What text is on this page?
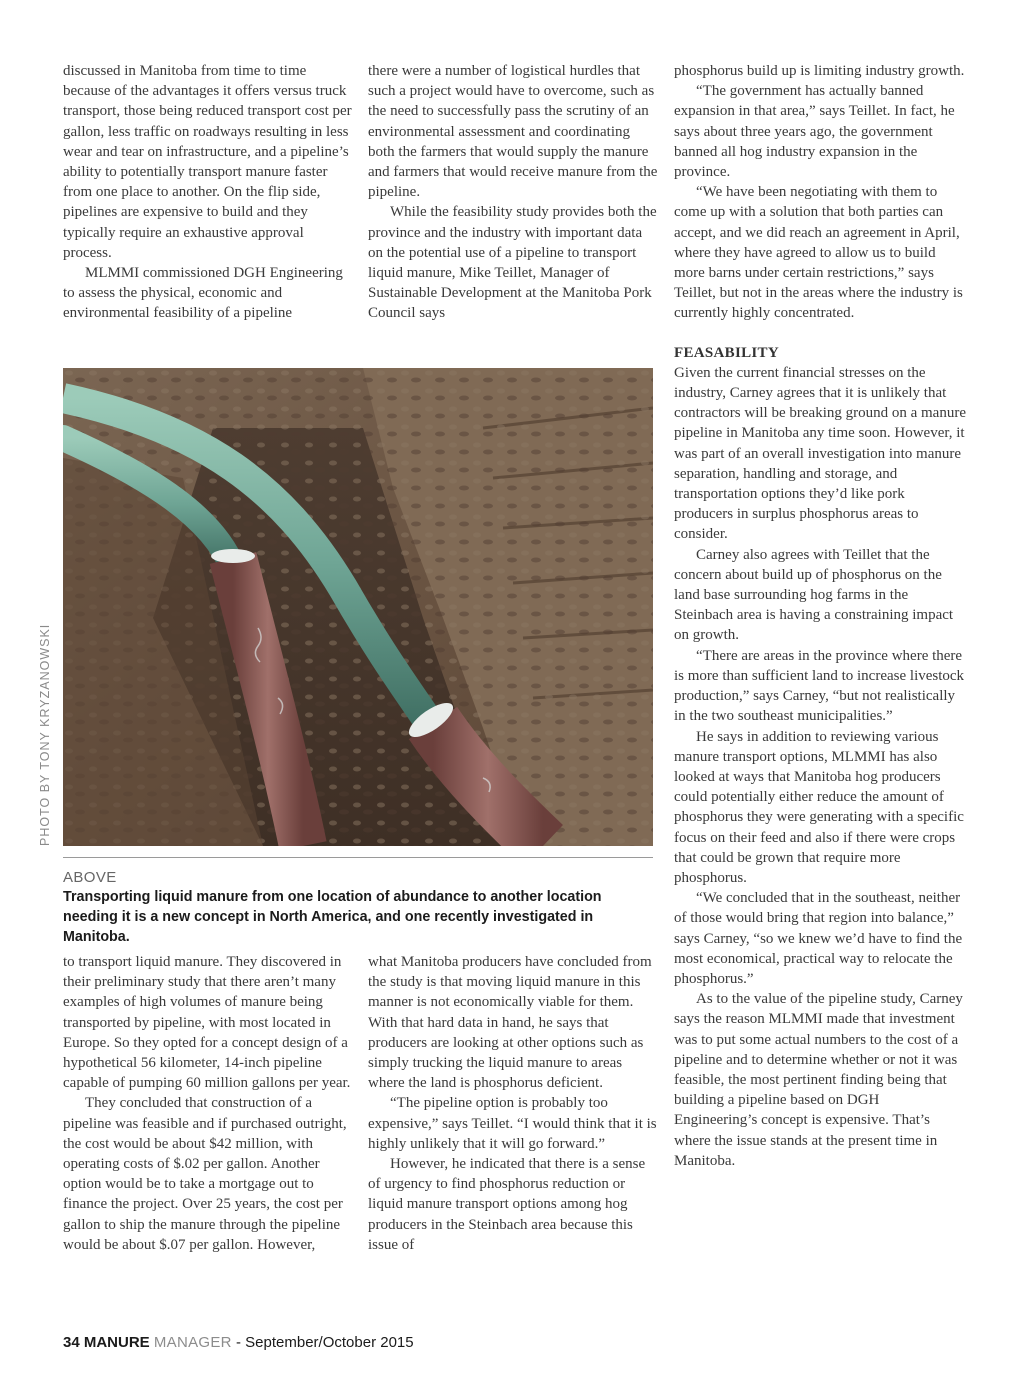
discussed in Manitoba from time to time because of the advantages it offers versus truck transport, those being reduced transport cost per gallon, less traffic on roadways resulting in less wear and tear on infrastructure, and a pipeline’s ability to potentially transport manure faster from one place to another. On the flip side, pipelines are expensive to build and they typically require an exhaustive approval process.

MLMMI commissioned DGH Engineering to assess the physical, economic and environmental feasibility of a pipeline

there were a number of logistical hurdles that such a project would have to overcome, such as the need to successfully pass the scrutiny of an environmental assessment and coordinating both the farmers that would supply the manure and farmers that would receive manure from the pipeline.

While the feasibility study provides both the province and the industry with important data on the potential use of a pipeline to transport liquid manure, Mike Teillet, Manager of Sustainable Development at the Manitoba Pork Council says

phosphorus build up is limiting industry growth.

“The government has actually banned expansion in that area,” says Teillet. In fact, he says about three years ago, the government banned all hog industry expansion in the province.

“We have been negotiating with them to come up with a solution that both parties can accept, and we did reach an agreement in April, where they have agreed to allow us to build more barns under certain restrictions,” says Teillet, but not in the areas where the industry is currently highly concentrated.

FEASABILITY

Given the current financial stresses on the industry, Carney agrees that it is unlikely that contractors will be breaking ground on a manure pipeline in Manitoba any time soon. However, it was part of an overall investigation into manure separation, handling and storage, and transportation options they’d like pork producers in surplus phosphorus areas to consider.

Carney also agrees with Teillet that the concern about build up of phosphorus on the land base surrounding hog farms in the Steinbach area is having a constraining impact on growth.

“There are areas in the province where there is more than sufficient land to increase livestock production,” says Carney, “but not realistically in the two southeast municipalities.”

He says in addition to reviewing various manure transport options, MLMMI has also looked at ways that Manitoba hog producers could potentially either reduce the amount of phosphorus they were generating with a specific focus on their feed and also if there were crops that could be grown that require more phosphorus.

“We concluded that in the southeast, neither of those would bring that region into balance,” says Carney, “so we knew we’d have to find the most economical, practical way to relocate the phosphorus.”

As to the value of the pipeline study, Carney says the reason MLMMI made that investment was to put some actual numbers to the cost of a pipeline and to determine whether or not it was feasible, the most pertinent finding being that building a pipeline based on DGH Engineering’s concept is expensive. That’s where the issue stands at the present time in Manitoba.

PHOTO BY TONY KRYZANOWSKI
ABOVE
Transporting liquid manure from one location of abundance to another location needing it is a new concept in North America, and one recently investigated in Manitoba.

to transport liquid manure. They discovered in their preliminary study that there aren’t many examples of high volumes of manure being transported by pipeline, with most located in Europe. So they opted for a concept design of a hypothetical 56 kilometer, 14-inch pipeline capable of pumping 60 million gallons per year.

They concluded that construction of a pipeline was feasible and if purchased outright, the cost would be about $42 million, with operating costs of $.02 per gallon. Another option would be to take a mortgage out to finance the project. Over 25 years, the cost per gallon to ship the manure through the pipeline would be about $.07 per gallon. However,

what Manitoba producers have concluded from the study is that moving liquid manure in this manner is not economically viable for them. With that hard data in hand, he says that producers are looking at other options such as simply trucking the liquid manure to areas where the land is phosphorus deficient.

“The pipeline option is probably too expensive,” says Teillet. “I would think that it is highly unlikely that it will go forward.”

However, he indicated that there is a sense of urgency to find phosphorus reduction or liquid manure transport options among hog producers in the Steinbach area because this issue of

34 MANURE MANAGER - September/October 2015
